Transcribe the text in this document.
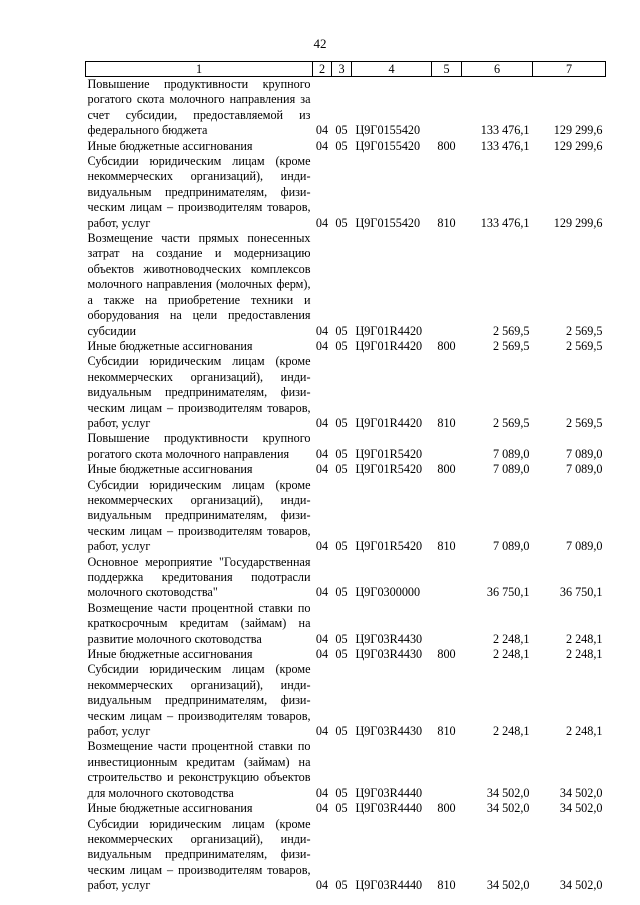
42
1	2	3	4	5	6	7
Повышение продуктивности крупного рогатого скота молочного направления за счет субсидии, предоставляемой из федерального бюджета	04	05	Ц9Г0155420		133 476,1	129 299,6
Иные бюджетные ассигнования	04	05	Ц9Г0155420	800	133 476,1	129 299,6
Субсидии юридическим лицам (кроме некоммерческих организаций), индивидуальным предпринимателям, физическим лицам – производителям товаров, работ, услуг	04	05	Ц9Г0155420	810	133 476,1	129 299,6
Возмещение части прямых понесенных затрат на создание и модернизацию объектов животноводческих комплексов молочного направления (молочных ферм), а также на приобретение техники и оборудования на цели предоставления субсидии	04	05	Ц9Г01R4420		2 569,5	2 569,5
Иные бюджетные ассигнования	04	05	Ц9Г01R4420	800	2 569,5	2 569,5
Субсидии юридическим лицам (кроме некоммерческих организаций), индивидуальным предпринимателям, физическим лицам – производителям товаров, работ, услуг	04	05	Ц9Г01R4420	810	2 569,5	2 569,5
Повышение продуктивности крупного рогатого скота молочного направления	04	05	Ц9Г01R5420		7 089,0	7 089,0
Иные бюджетные ассигнования	04	05	Ц9Г01R5420	800	7 089,0	7 089,0
Субсидии юридическим лицам (кроме некоммерческих организаций), индивидуальным предпринимателям, физическим лицам – производителям товаров, работ, услуг	04	05	Ц9Г01R5420	810	7 089,0	7 089,0
Основное мероприятие "Государственная поддержка кредитования подотрасли молочного скотоводства"	04	05	Ц9Г0300000		36 750,1	36 750,1
Возмещение части процентной ставки по краткосрочным кредитам (займам) на развитие молочного скотоводства	04	05	Ц9Г03R4430		2 248,1	2 248,1
Иные бюджетные ассигнования	04	05	Ц9Г03R4430	800	2 248,1	2 248,1
Субсидии юридическим лицам (кроме некоммерческих организаций), индивидуальным предпринимателям, физическим лицам – производителям товаров, работ, услуг	04	05	Ц9Г03R4430	810	2 248,1	2 248,1
Возмещение части процентной ставки по инвестиционным кредитам (займам) на строительство и реконструкцию объектов для молочного скотоводства	04	05	Ц9Г03R4440		34 502,0	34 502,0
Иные бюджетные ассигнования	04	05	Ц9Г03R4440	800	34 502,0	34 502,0
Субсидии юридическим лицам (кроме некоммерческих организаций), индивидуальным предпринимателям, физическим лицам – производителям товаров, работ, услуг	04	05	Ц9Г03R4440	810	34 502,0	34 502,0
